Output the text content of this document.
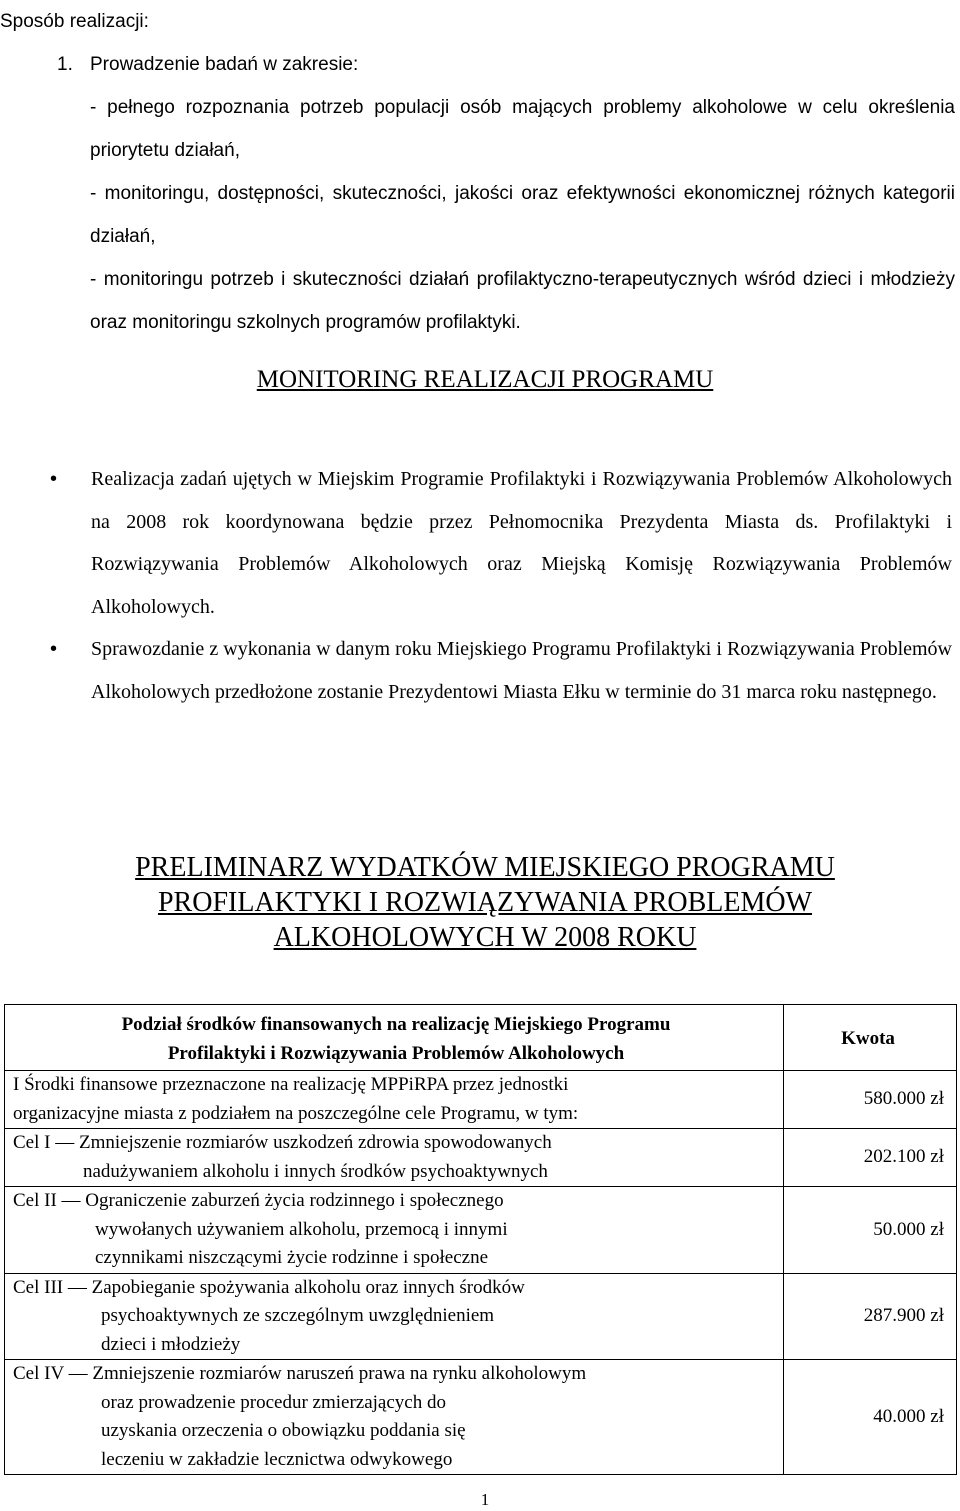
Sposób realizacji:

1. Prowadzenie badań w zakresie:

- pełnego rozpoznania potrzeb populacji osób mających problemy alkoholowe w celu określenia priorytetu działań,

- monitoringu, dostępności, skuteczności, jakości oraz efektywności ekonomicznej różnych kategorii działań,

- monitoringu potrzeb i skuteczności działań profilaktyczno-terapeutycznych wśród dzieci i młodzieży oraz monitoringu szkolnych programów profilaktyki.

MONITORING REALIZACJI PROGRAMU
• Realizacja zadań ujętych w Miejskim Programie Profilaktyki i Rozwiązywania Problemów Alkoholowych na 2008 rok koordynowana będzie przez Pełnomocnika Prezydenta Miasta ds. Profilaktyki i Rozwiązywania Problemów Alkoholowych oraz Miejską Komisję Rozwiązywania Problemów Alkoholowych.
• Sprawozdanie z wykonania w danym roku Miejskiego Programu Profilaktyki i Rozwiązywania Problemów Alkoholowych przedłożone zostanie Prezydentowi Miasta Ełku w terminie do 31 marca roku następnego.
PRELIMINARZ WYDATKÓW MIEJSKIEGO PROGRAMU
PROFILAKTYKI I ROZWIĄZYWANIA PROBLEMÓW
ALKOHOLOWYCH W 2008 ROKU
Podział środków finansowanych na realizację Miejskiego Programu
Profilaktyki i Rozwiązywania Problemów Alkoholowych	Kwota

I Środki finansowe przeznaczone na realizację MPPiRPA przez jednostki
organizacyjne miasta z podziałem na poszczególne cele Programu, w tym:	580.000 zł

Cel I — Zmniejszenie rozmiarów uszkodzeń zdrowia spowodowanych
nadużywaniem alkoholu i innych środków psychoaktywnych	202.100 zł

Cel II — Ograniczenie zaburzeń życia rodzinnego i społecznego
wywołanych używaniem alkoholu, przemocą i innymi czynnikami niszczącymi życie rodzinne i społeczne	50.000 zł

Cel III — Zapobieganie spożywania alkoholu oraz innych środków
psychoaktywnych ze szczególnym uwzględnieniem dzieci i młodzieży	287.900 zł

Cel IV — Zmniejszenie rozmiarów naruszeń prawa na rynku alkoholowym
oraz prowadzenie procedur zmierzających do uzyskania orzeczenia o obowiązku poddania się leczeniu w zakładzie lecznictwa odwykowego	40.000 zł
1
